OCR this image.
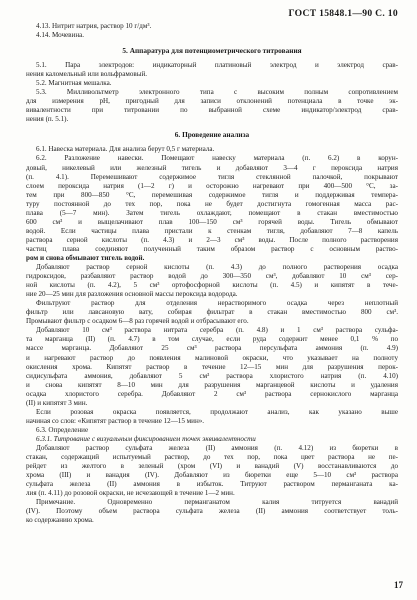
ГОСТ 15848.1—90 С. 10
4.13. Нитрит натрия, раствор 10 г/дм³.
4.14. Мочевина.
5. Аппаратура для потенциометрического титрования
5.1. Пара электродов: индикаторный платиновый электрод и электрод срав-
нения каломельный или вольфрамовый.
5.2. Магнитная мешалка.
5.3. Милливольтметр электронного типа с высоким полным сопротивлением
для измерения pH, пригодный для записи отклонений потенциала в точке эк-
вивалентности при титровании по выбранной схеме индикатор/электрод срав-
нения (п. 5.1).
6. Проведение анализа
6.1. Навеска материала. Для анализа берут 0,5 г материала.
6.2. Разложение навески. Помещают навеску материала (п. 6.2) в корун-
довый, никелевый или железный тигель и добавляют 3—4 г пероксида натрия
(п. 4.1). Перемешивают содержимое тигля стеклянной палочкой, покрывают
слоем пероксида натрия (1—2 г) и осторожно нагревают при 400—500 °С, за-
тем при 800—850 °С, перемешивая содержимое тигля и поддерживая темпера-
туру постоянной до тех пор, пока не будет достигнута гомогенная масса рас-
плава (5—7 мин). Затем тигель охлаждают, помещают в стакан вместимостью
600 см³ и выщелачивают плав 100—150 см³ горячей воды. Тигель обмывают
водой. Если частицы плава пристали к стенкам тигля, добавляют 7—8 капель
раствора серной кислоты (п. 4.3) и 2—3 см³ воды. После полного растворения
частиц плава соединяют полученный таким образом раствор с основным раство-
ром и снова обмывают тигель водой.
Добавляют раствор серной кислоты (п. 4.3) до полного растворения осадка
гидроксидов, разбавляют раствор водой до 300—350 см³, добавляют 10 см³ сер-
ной кислоты (п. 4.2), 5 см³ ортофосфорной кислоты (п. 4.5) и кипятят в тече-
ние 20—25 мин для разложения основной массы пероксида водорода.
Фильтруют раствор для отделения нерастворимого осадка через неплотный
фильтр или лавсановую вату, собирая фильтрат в стакан вместимостью 800 см³.
Промывают фильтр с осадком 6—8 раз горячей водой и отбрасывают его.
Добавляют 10 см³ раствора нитрата серебра (п. 4.8) и 1 см³ раствора сульфа-
та марганца (II) (п. 4.7) в том случае, если руда содержит менее 0,1 % по
массе марганца. Добавляют 25 см³ раствора персульфата аммония (п. 4.9)
и нагревают раствор до появления малиновой окраски, что указывает на полноту
окисления хрома. Кипятят раствор в течение 12—15 мин для разрушения перок-
сидисульфата аммония, добавляют 5 см³ раствора хлористого натрия (п. 4.10)
и снова кипятят 8—10 мин для разрушения марганцевой кислоты и удаления
осадка хлористого серебра. Добавляют 2 см³ раствора сернокислого марганца
(II) и кипятят 3 мин.
Если розовая окраска появляется, продолжают анализ, как указано выше
начиная со слов: «Кипятят раствор в течение 12—15 мин».
6.3. Определение
6.3.1. Титрование с визуальным фиксированием точек эквивалентности
Добавляют раствор сульфата железа (II) аммония (п. 4.12) из бюретки в
стакан, содержащий испытуемый раствор, до тех пор, пока цвет раствора не пе-
рейдет из желтого в зеленый (хром (VI) и ванадий (V) восстанавливаются до
хрома (III) и ванадия (IV). Добавляют из бюретки еще 5—10 см³ раствора
сульфата железа (II) аммония в избыток. Титруют раствором перманганата ка-
лия (п. 4.11) до розовой окраски, не исчезающей в течение 1—2 мин.
Примечание. Одновременно перманганатом калия титруется ванадий
(IV). Поэтому объем раствора сульфата железа (II) аммония соответствует толь-
ко содержанию хрома.
17
